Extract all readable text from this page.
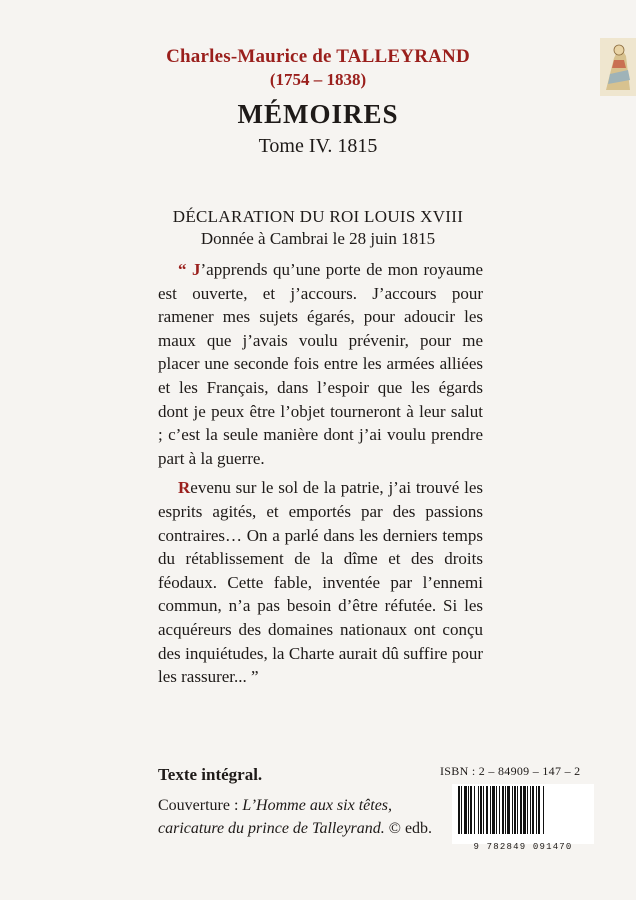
Charles-Maurice de TALLEYRAND
(1754 – 1838)
MÉMOIRES
Tome IV. 1815
DÉCLARATION DU ROI LOUIS XVIII
Donnée à Cambrai le 28 juin 1815

“ J’apprends qu’une porte de mon royaume est ouverte, et j’accours. J’accours pour ramener mes sujets égarés, pour adoucir les maux que j’avais voulu prévenir, pour me placer une seconde fois entre les armées alliées et les Français, dans l’espoir que les égards dont je peux être l’objet tourneront à leur salut ; c’est la seule manière dont j’ai voulu prendre part à la guerre.

Revenu sur le sol de la patrie, j’ai trouvé les esprits agités, et emportés par des passions contraires… On a parlé dans les derniers temps du rétablissement de la dîme et des droits féodaux. Cette fable, inventée par l’ennemi commun, n’a pas besoin d’être réfutée. Si les acquéreurs des domaines nationaux ont conçu des inquiétudes, la Charte aurait dû suffire pour les rassurer... ”

Texte intégral.
Couverture : L’Homme aux six têtes,
caricature du prince de Talleyrand. © edb.
ISBN : 2 – 84909 – 147 – 2
9 782849 091470
